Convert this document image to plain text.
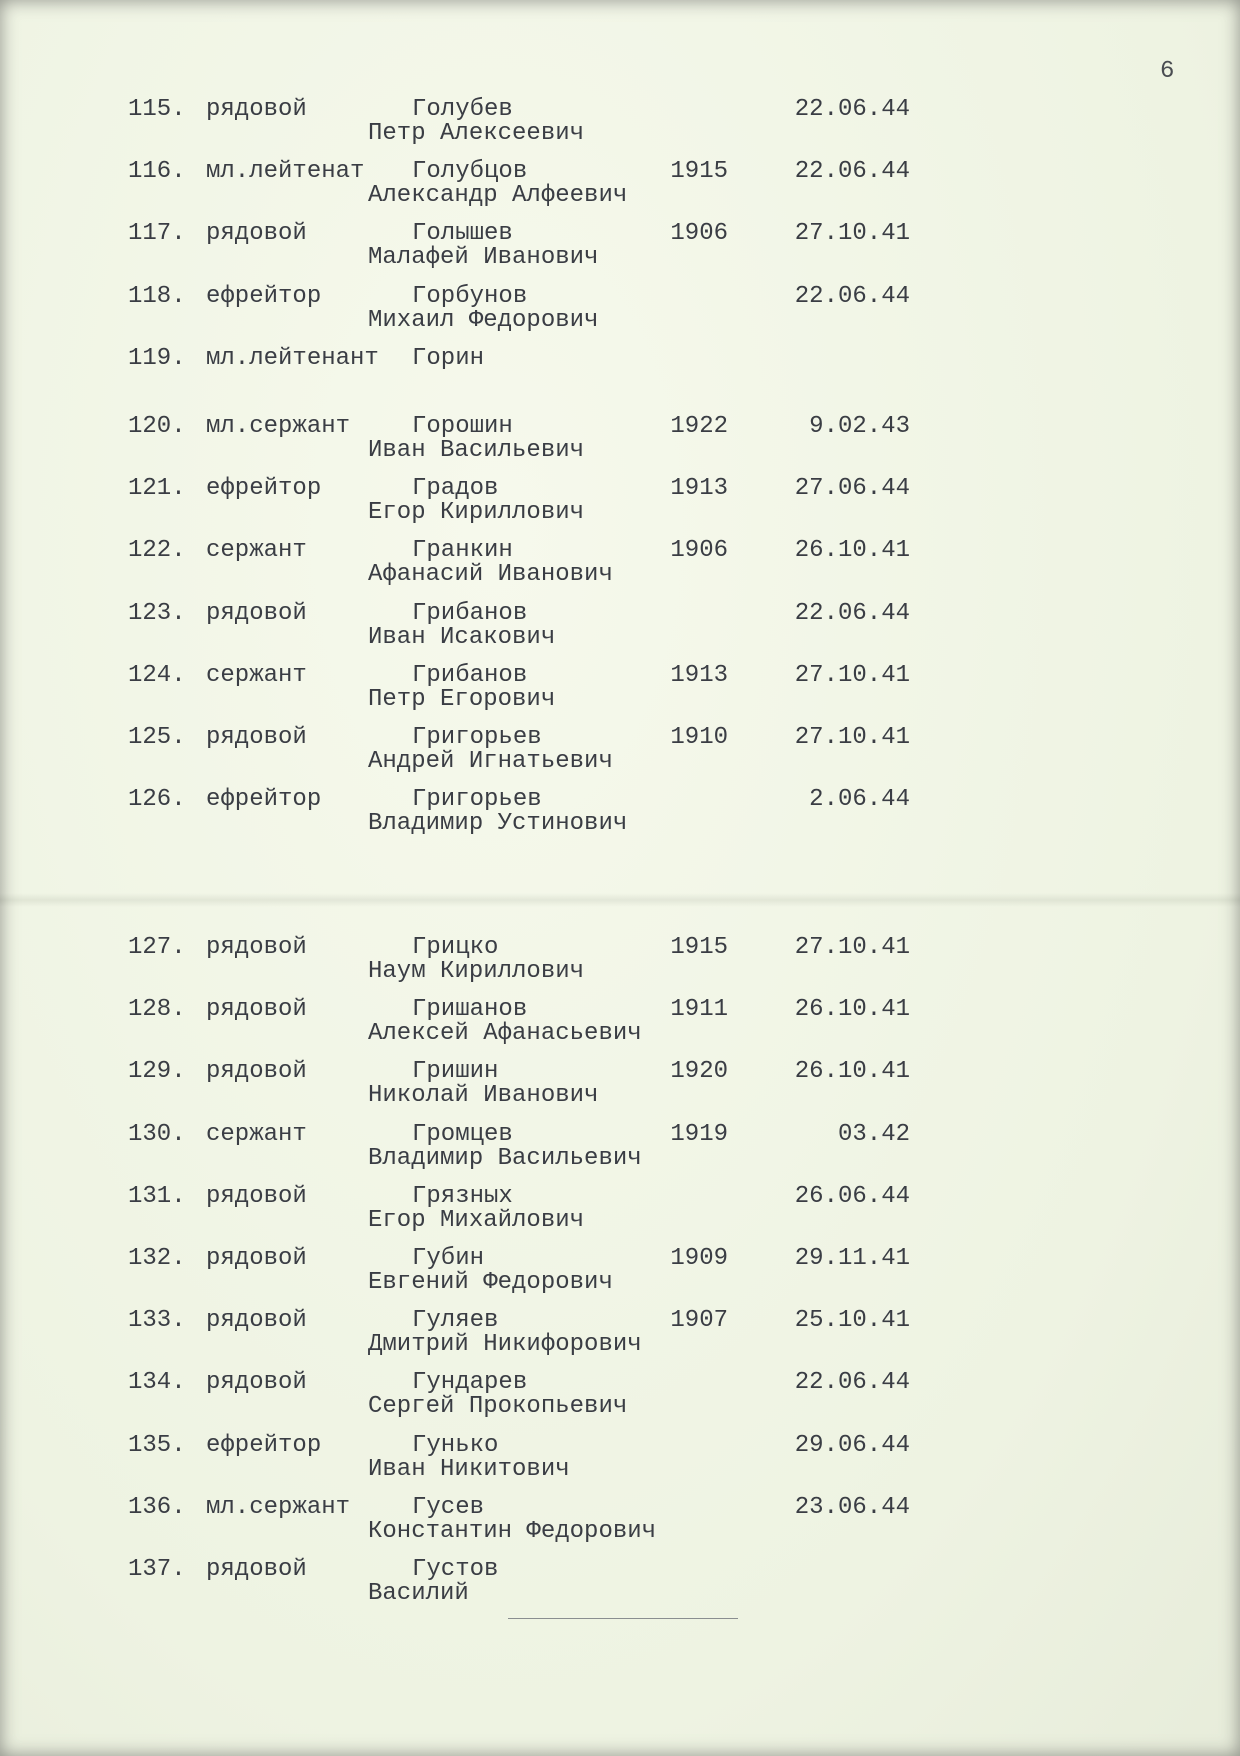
6
115. рядовой	Голубев	22.06.44
Петр Алексеевич
116. мл.лейтенат Голубцов	1915	22.06.44
Александр Алфеевич
117. рядовой	Голышев	1906	27.10.41
Малафей Иванович
118. ефрейтор	Горбунов	22.06.44
Михаил Федорович
119. мл.лейтенант Горин
120. мл.сержант	Горошин	1922	9.02.43
Иван Васильевич
121. ефрейтор	Градов	1913	27.06.44
Егор Кириллович
122. сержант	Гранкин	1906	26.10.41
Афанасий Иванович
123. рядовой	Грибанов	22.06.44
Иван Исакович
124. сержант	Грибанов	1913	27.10.41
Петр Егорович
125. рядовой	Григорьев	1910	27.10.41
Андрей Игнатьевич
126. ефрейтор	Григорьев	2.06.44
Владимир Устинович
127. рядовой	Грицко	1915	27.10.41
Наум Кириллович
128. рядовой	Гришанов	1911	26.10.41
Алексей Афанасьевич
129. рядовой	Гришин	1920	26.10.41
Николай Иванович
130. сержант	Громцев	1919	03.42
Владимир Васильевич
131. рядовой	Грязных	26.06.44
Егор Михайлович
132. рядовой	Губин	1909	29.11.41
Евгений Федорович
133. рядовой	Гуляев	1907	25.10.41
Дмитрий Никифорович
134. рядовой	Гундарев	22.06.44
Сергей Прокопьевич
135. ефрейтор	Гунько	29.06.44
Иван Никитович
136. мл.сержант	Гусев	23.06.44
Константин Федорович
137. рядовой	Густов
Василий
